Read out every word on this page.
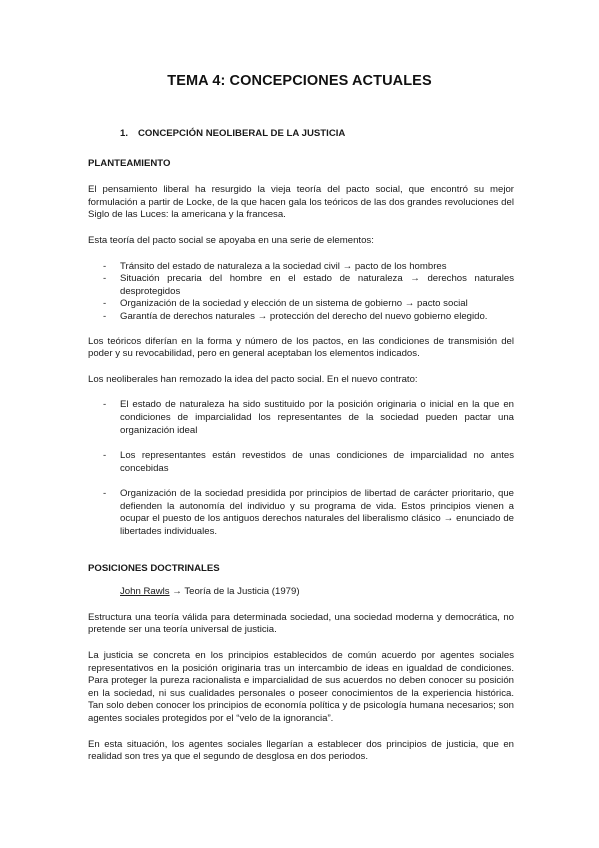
TEMA 4: CONCEPCIONES ACTUALES
1. CONCEPCIÓN NEOLIBERAL DE LA JUSTICIA
PLANTEAMIENTO

El pensamiento liberal ha resurgido la vieja teoría del pacto social, que encontró su mejor formulación a partir de Locke, de la que hacen gala los teóricos de las dos grandes revoluciones del Siglo de las Luces: la americana y la francesa.

Esta teoría del pacto social se apoyaba en una serie de elementos:

- Tránsito del estado de naturaleza a la sociedad civil → pacto de los hombres
- Situación precaria del hombre en el estado de naturaleza → derechos naturales desprotegidos
- Organización de la sociedad y elección de un sistema de gobierno → pacto social
- Garantía de derechos naturales → protección del derecho del nuevo gobierno elegido.

Los teóricos diferían en la forma y número de los pactos, en las condiciones de transmisión del poder y su revocabilidad, pero en general aceptaban los elementos indicados.

Los neoliberales han remozado la idea del pacto social. En el nuevo contrato:

- El estado de naturaleza ha sido sustituido por la posición originaria o inicial en la que en condiciones de imparcialidad los representantes de la sociedad pueden pactar una organización ideal
- Los representantes están revestidos de unas condiciones de imparcialidad no antes concebidas
- Organización de la sociedad presidida por principios de libertad de carácter prioritario, que defienden la autonomía del individuo y su programa de vida. Estos principios vienen a ocupar el puesto de los antiguos derechos naturales del liberalismo clásico → enunciado de libertades individuales.
POSICIONES DOCTRINALES
John Rawls → Teoría de la Justicia (1979)

Estructura una teoría válida para determinada sociedad, una sociedad moderna y democrática, no pretende ser una teoría universal de justicia.

La justicia se concreta en los principios establecidos de común acuerdo por agentes sociales representativos en la posición originaria tras un intercambio de ideas en igualdad de condiciones. Para proteger la pureza racionalista e imparcialidad de sus acuerdos no deben conocer su posición en la sociedad, ni sus cualidades personales o poseer conocimientos de la experiencia histórica. Tan solo deben conocer los principios de economía política y de psicología humana necesarios; son agentes sociales protegidos por el “velo de la ignorancia”.

En esta situación, los agentes sociales llegarían a establecer dos principios de justicia, que en realidad son tres ya que el segundo de desglosa en dos periodos.
